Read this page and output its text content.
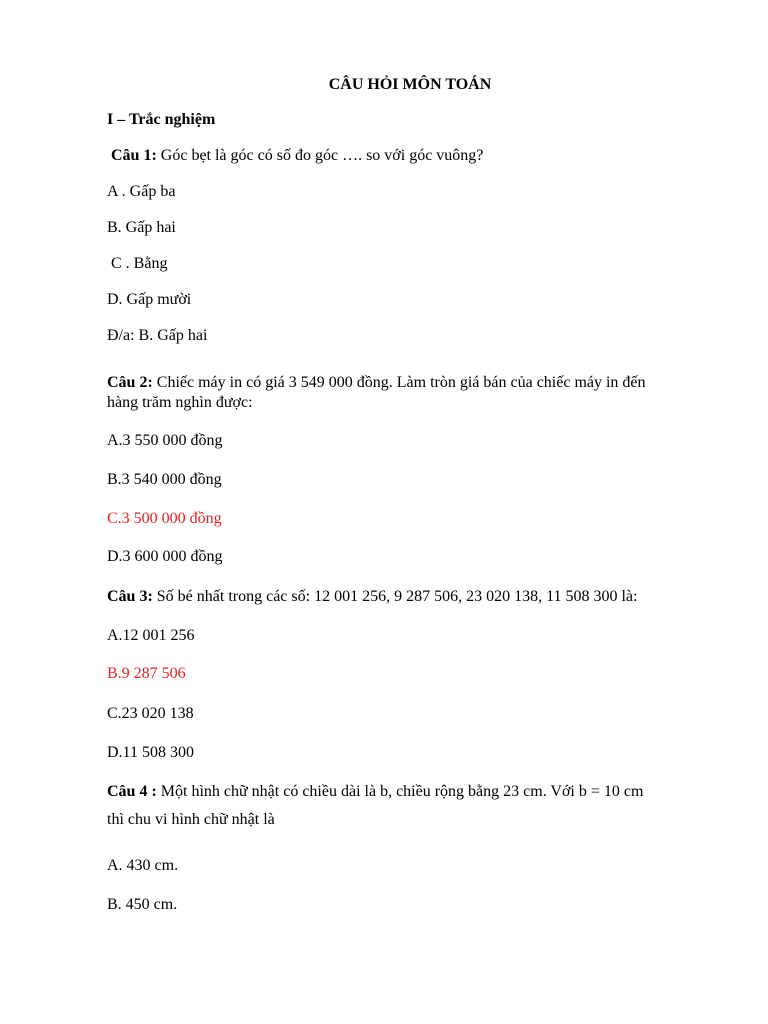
CÂU HỎI MÔN TOÁN
I – Trắc nghiệm
Câu 1: Góc bẹt là góc có số đo góc …. so với góc vuông?
A . Gấp ba
B. Gấp hai
C . Bằng
D. Gấp mười
Đ/a: B. Gấp hai
Câu 2: Chiếc máy in có giá 3 549 000 đồng. Làm tròn giá bán của chiếc máy in đến
hàng trăm nghìn được:
A.3 550 000 đồng
B.3 540 000 đồng
C.3 500 000 đồng
D.3 600 000 đồng
Câu 3: Số bé nhất trong các số: 12 001 256, 9 287 506, 23 020 138, 11 508 300 là:
A.12 001 256
B.9 287 506
C.23 020 138
D.11 508 300
Câu 4 : Một hình chữ nhật có chiều dài là b, chiều rộng bằng 23 cm. Với b = 10 cm
thì chu vi hình chữ nhật là
A. 430 cm.
B. 450 cm.
